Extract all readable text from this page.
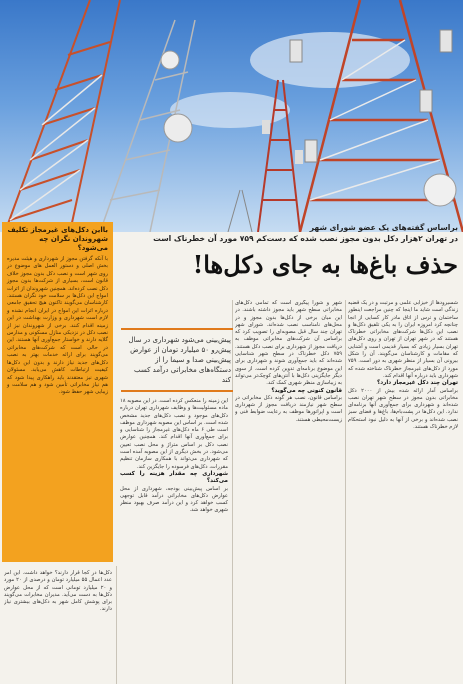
بااین دکل‌های غیرمجاز تکلیف شهروندان نگران چه می‌شود؟
با آنکه گرفتن مجوز از شهرداری و هیئت مدیره بخش اصلی و دستور العمل های موضوع در روی شهر است و نصب دکل بدون مجوز خلاف قانون است، بسیاری از شرکت‌ها بدون مجوز دکل نصب کرده‌اند. همچنین شهروندان از اثرات امواج این دکل‌ها بر سلامت خود نگران هستند. کارشناسان می‌گویند تاکنون هیچ تحقیق جامعی درباره اثرات این امواج در ایران انجام نشده و لازم است شهرداری و وزارت بهداشت در این زمینه اقدام کنند. برخی از شهروندان نیز از نصب دکل در نزدیکی منازل مسکونی و مدارس گلایه دارند و خواستار جمع‌آوری آنها هستند. این در حالی است که شرکت‌های مخابراتی می‌گویند برای ارائه خدمات بهتر به نصب دکل‌های جدید نیاز دارند و بدون این دکل‌ها کیفیت ارتباطات کاهش می‌یابد. مسئولان شهری نیز معتقدند باید راهکاری پیدا شود که هم نیاز مخابراتی تأمین شود و هم سلامت و زیبایی شهر حفظ شود.
براساس گفته‌های یک عضو شورای شهر
در تهران ۲هزار دکل بدون مجوز نصب شده که دست‌کم ۷۵۹ مورد آن خطرناک است
حذف باغ‌ها به جای دکل‌ها!
شسیرودها از خیزابی علمی و مرتبت و در یک قضیه زندگی است شاید ما اینجا که چنین مراجعت اینطور ساختمان و ترس از اتاق مادر کار کسایی از انجا چنانچه کرد امروزه ایران را به یکی تلفیق دکل‌ها و نصب این دکل‌ها شرکت‌های مخابراتی خطرناک هستند که در شهر تهران از تهران و روی دکل‌های تهران بسیار زیادی که بسیار قدیمی است و آشنایی که مقامات و کارشناسان می‌گویند. آن را شکل بیرونی آن بسیار از منظر شهری به دور است. ۷۵۹ مورد از دکل‌های غیرمجاز خطرناک شناخته شده که شهرداری باید درباره آنها اقدام کند.
تهران چند دکل غیرمجاز دارد؟
براساس آمار ارائه شده بیش از ۲۰۰۰ دکل مخابراتی بدون مجوز در سطح شهر تهران نصب شده‌اند و شهرداری برای جمع‌آوری آنها برنامه‌ای ندارد. این دکل‌ها در پشت‌بام‌ها، باغ‌ها و فضای سبز نصب شده‌اند و برخی از آنها به دلیل نبود استحکام لازم خطرناک هستند.
شهر و شورا پیگیری است که تمامی دکل‌های مخابراتی سطح شهر باید مجوز داشته باشند. در این میان برخی از دکل‌ها بدون مجوز و در محل‌های نامناسب نصب شده‌اند. شورای شهر تهران چند سال قبل مصوبه‌ای را تصویب کرد که براساس آن شرکت‌های مخابراتی موظف به دریافت مجوز از شهرداری برای نصب دکل هستند. ۷۵۹ دکل خطرناک در سطح شهر شناسایی شده‌اند که باید جمع‌آوری شوند و شهرداری برای این موضوع برنامه‌ای تدوین کرده است. از سوی دیگر جایگزینی دکل‌ها با آنتن‌های کوچک‌تر می‌تواند به زیباسازی منظر شهری کمک کند.
قانون کنونی چه می‌گوید؟
براساس قانون، نصب هر گونه دکل مخابراتی در سطح شهر نیازمند دریافت مجوز از شهرداری است و اپراتورها موظف به رعایت ضوابط فنی و زیست‌محیطی هستند.
پیش‌بینی می‌شود شهرداری در سال پیش‌رو ۵۰ میلیارد تومان از عوارض پیش‌بینی صدا و سیما را از دستگاه‌های مخابراتی درآمد کسب کند
این زمینه را منعکس کرده است. در این مصوبه ۱۸ ماده مسئولیت‌ها و وظایف شهرداری تهران درباره دکل‌های موجود و نصب دکل‌های جدید مشخص شده است. بر اساس این مصوبه شهرداری موظف است طی ۶ ماه دکل‌های غیرمجاز را شناسایی و برای جمع‌آوری آنها اقدام کند. همچنین عوارض نصب دکل بر اساس متراژ و محل نصب تعیین می‌شود. در بخش دیگری از این مصوبه آمده است که شهرداری می‌تواند با همکاری سازمان تنظیم مقررات، دکل‌های فرسوده را جایگزین کند.
شهرداری چه مقدار هزینه را کسب می‌کند؟
بر اساس پیش‌بینی بودجه، شهرداری از محل عوارض دکل‌های مخابراتی درآمد قابل توجهی کسب خواهد کرد و این درآمد صرف بهبود منظر شهری خواهد شد.
دکل‌ها در کجا قرار دارند؟ خواهد داشت. این امر عدد اعمال ۵۵ میلیارد تومان و درصدی از ۲۰ مورد و ۲۰ میلیارد تومانی است که از محل عوارض دکل‌ها به دست می‌آید. مدیران مخابرات می‌گویند برای پوشش کامل شهر به دکل‌های بیشتری نیاز دارند.
